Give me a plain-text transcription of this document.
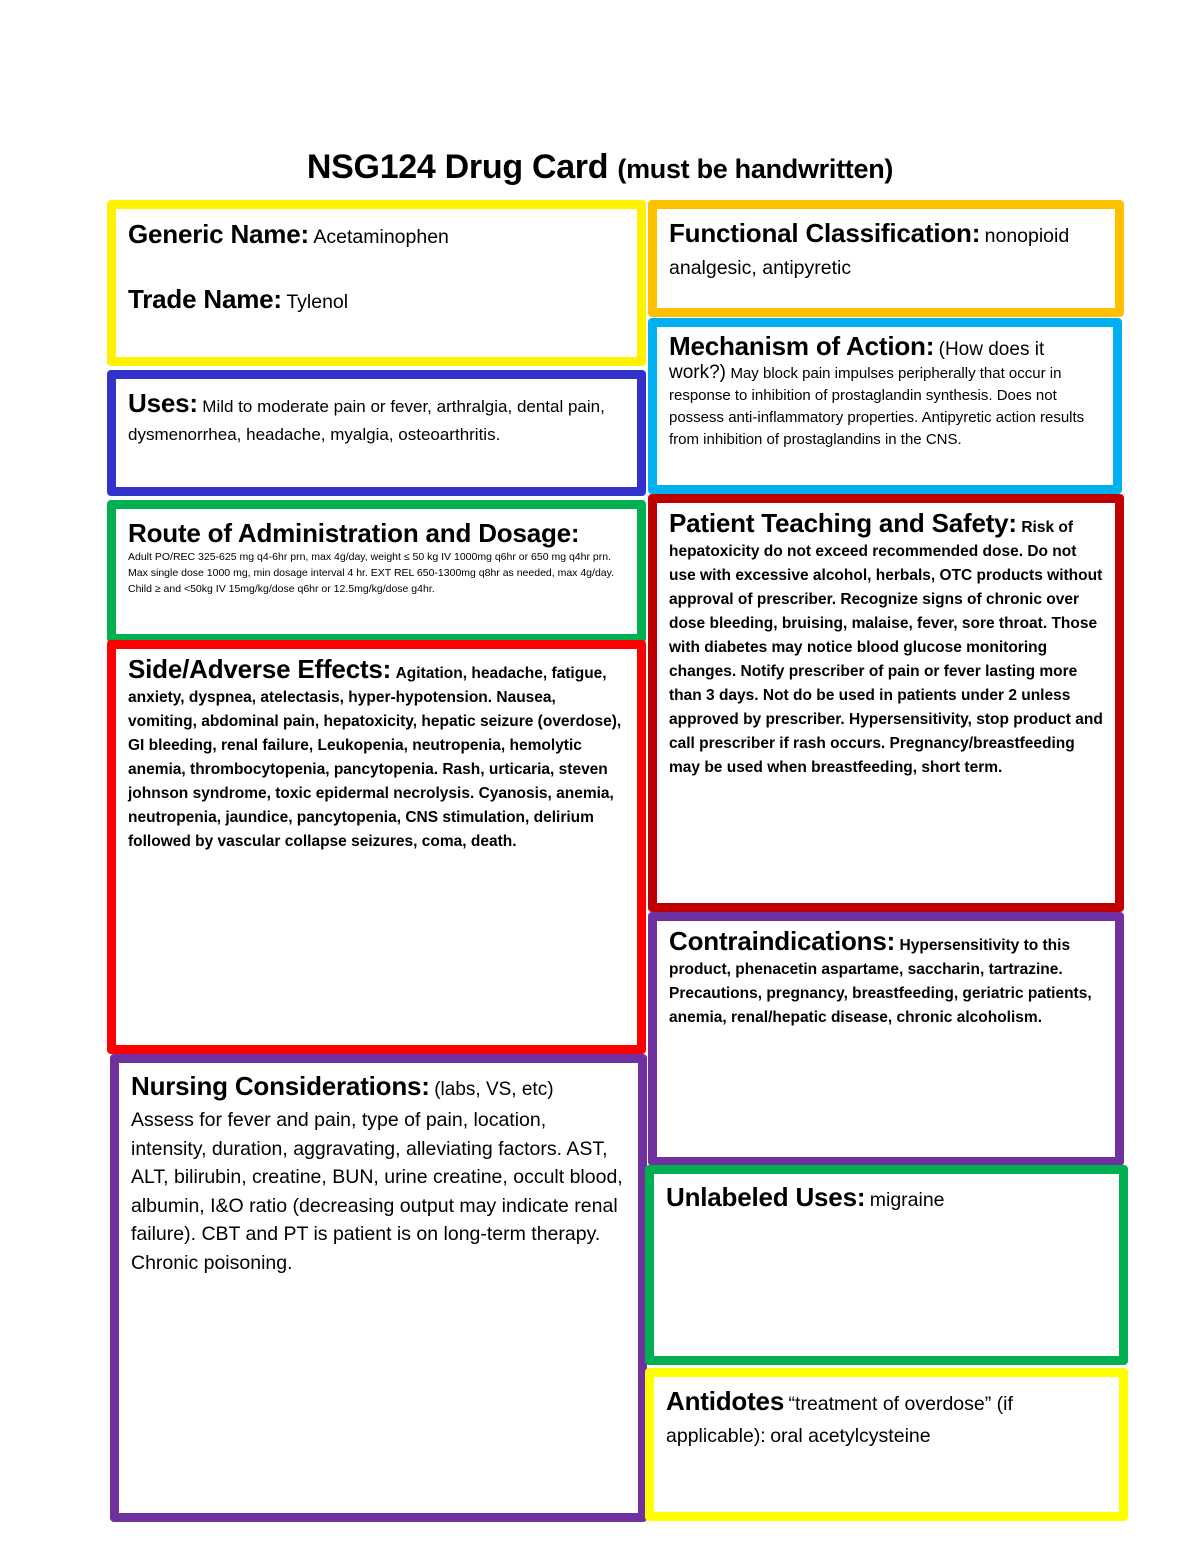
NSG124 Drug Card (must be handwritten)

Generic Name: Acetaminophen

Trade Name: Tylenol

Functional Classification: nonopioid analgesic, antipyretic

Mechanism of Action: (How does it work?) May block pain impulses peripherally that occur in response to inhibition of prostaglandin synthesis. Does not possess anti-inflammatory properties. Antipyretic action results from inhibition of prostaglandins in the CNS.

Uses: Mild to moderate pain or fever, arthralgia, dental pain, dysmenorrhea, headache, myalgia, osteoarthritis.

Route of Administration and Dosage:

Adult PO/REC 325-625 mg q4-6hr prn, max 4g/day, weight ≤ 50 kg IV 1000mg q6hr or 650 mg q4hr prn. Max single dose 1000 mg, min dosage interval 4 hr. EXT REL 650-1300mg q8hr as needed, max 4g/day. Child ≥ and <50kg IV 15mg/kg/dose q6hr or 12.5mg/kg/dose g4hr.

Patient Teaching and Safety: Risk of hepatoxicity do not exceed recommended dose. Do not use with excessive alcohol, herbals, OTC products without approval of prescriber. Recognize signs of chronic over dose bleeding, bruising, malaise, fever, sore throat. Those with diabetes may notice blood glucose monitoring changes. Notify prescriber of pain or fever lasting more than 3 days. Not do be used in patients under 2 unless approved by prescriber. Hypersensitivity, stop product and call prescriber if rash occurs. Pregnancy/breastfeeding may be used when breastfeeding, short term.

Side/Adverse Effects: Agitation, headache, fatigue, anxiety, dyspnea, atelectasis, hyper-hypotension. Nausea, vomiting, abdominal pain, hepatoxicity, hepatic seizure (overdose), GI bleeding, renal failure, Leukopenia, neutropenia, hemolytic anemia, thrombocytopenia, pancytopenia. Rash, urticaria, steven johnson syndrome, toxic epidermal necrolysis. Cyanosis, anemia, neutropenia, jaundice, pancytopenia, CNS stimulation, delirium followed by vascular collapse seizures, coma, death.

Contraindications: Hypersensitivity to this product, phenacetin aspartame, saccharin, tartrazine. Precautions, pregnancy, breastfeeding, geriatric patients, anemia, renal/hepatic disease, chronic alcoholism.

Nursing Considerations: (labs, VS, etc)

Assess for fever and pain, type of pain, location, intensity, duration, aggravating, alleviating factors. AST, ALT, bilirubin, creatine, BUN, urine creatine, occult blood, albumin, I&O ratio (decreasing output may indicate renal failure). CBT and PT is patient is on long-term therapy. Chronic poisoning.

Unlabeled Uses: migraine

Antidotes “treatment of overdose” (if applicable): oral acetylcysteine
